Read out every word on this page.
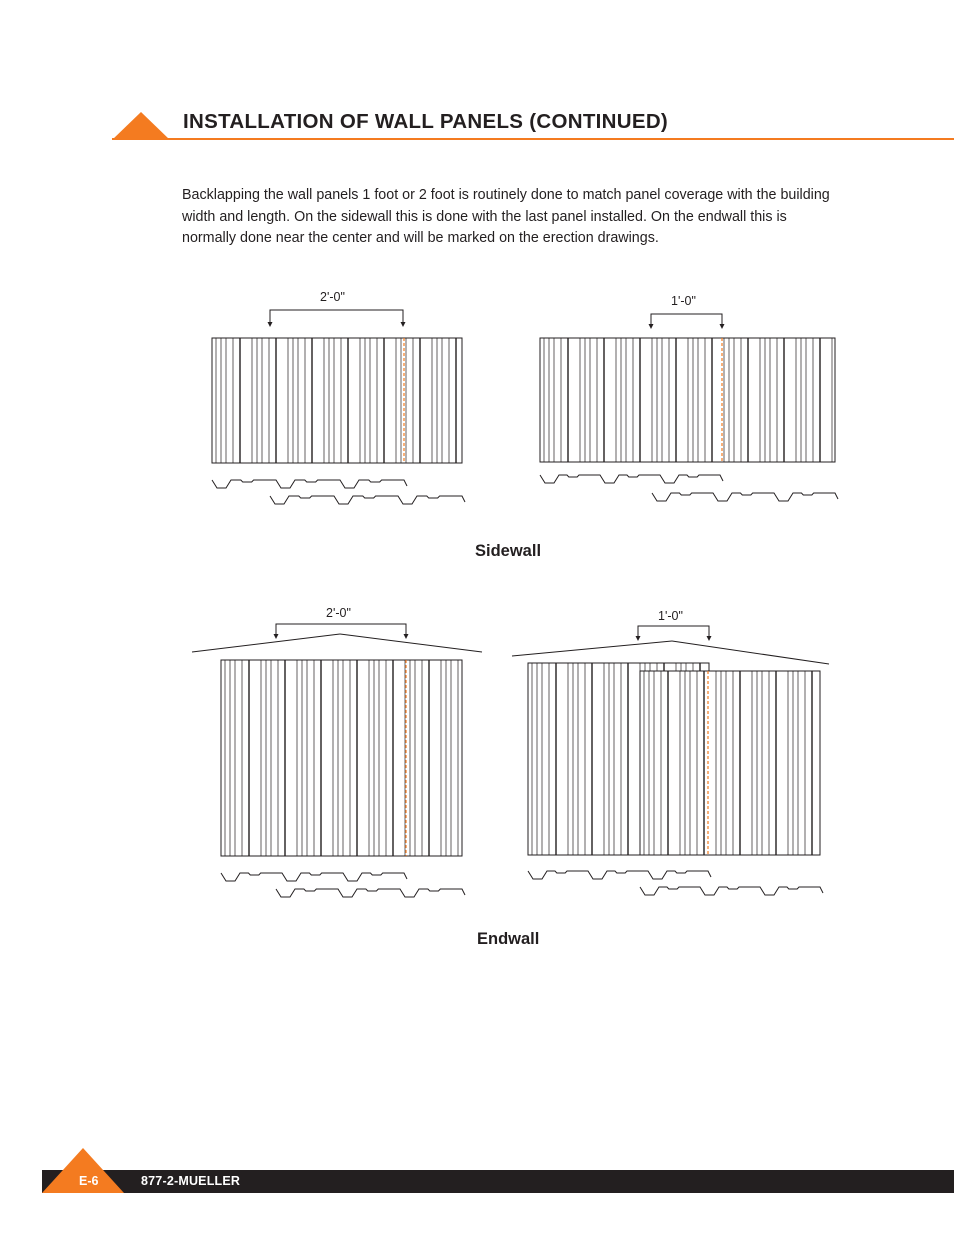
INSTALLATION OF WALL PANELS (CONTINUED)

Backlapping the wall panels 1 foot or 2 foot is routinely done to match panel coverage with the building width and length. On the sidewall this is done with the last panel installed. On the endwall this is normally done near the center and will be marked on the erection drawings.

2'-0"	1'-0"
2'-0"	1'-0"
Sidewall
Endwall
E-6	877-2-MUELLER
